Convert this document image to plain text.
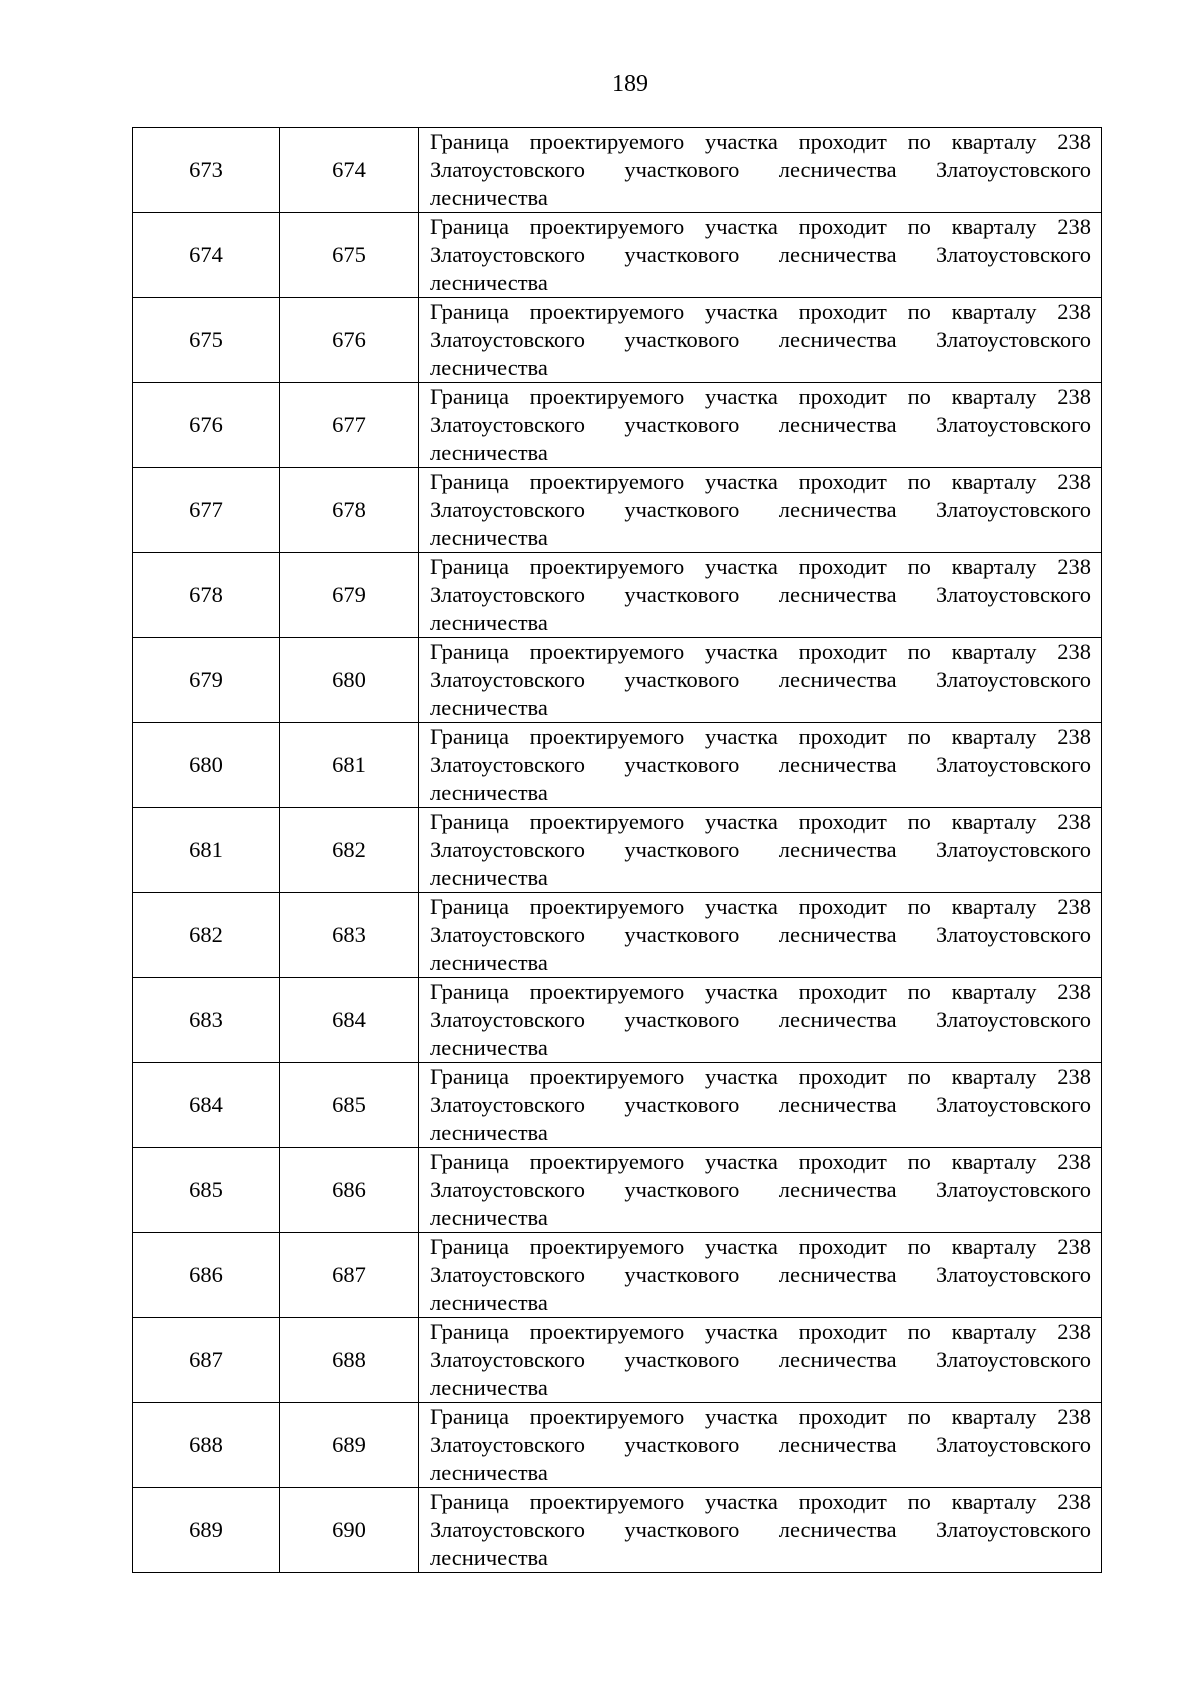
189
673	674	Граница проектируемого участка проходит по кварталу 238 Златоустовского участкового лесничества Златоустовского лесничества
674	675	Граница проектируемого участка проходит по кварталу 238 Златоустовского участкового лесничества Златоустовского лесничества
675	676	Граница проектируемого участка проходит по кварталу 238 Златоустовского участкового лесничества Златоустовского лесничества
676	677	Граница проектируемого участка проходит по кварталу 238 Златоустовского участкового лесничества Златоустовского лесничества
677	678	Граница проектируемого участка проходит по кварталу 238 Златоустовского участкового лесничества Златоустовского лесничества
678	679	Граница проектируемого участка проходит по кварталу 238 Златоустовского участкового лесничества Златоустовского лесничества
679	680	Граница проектируемого участка проходит по кварталу 238 Златоустовского участкового лесничества Златоустовского лесничества
680	681	Граница проектируемого участка проходит по кварталу 238 Златоустовского участкового лесничества Златоустовского лесничества
681	682	Граница проектируемого участка проходит по кварталу 238 Златоустовского участкового лесничества Златоустовского лесничества
682	683	Граница проектируемого участка проходит по кварталу 238 Златоустовского участкового лесничества Златоустовского лесничества
683	684	Граница проектируемого участка проходит по кварталу 238 Златоустовского участкового лесничества Златоустовского лесничества
684	685	Граница проектируемого участка проходит по кварталу 238 Златоустовского участкового лесничества Златоустовского лесничества
685	686	Граница проектируемого участка проходит по кварталу 238 Златоустовского участкового лесничества Златоустовского лесничества
686	687	Граница проектируемого участка проходит по кварталу 238 Златоустовского участкового лесничества Златоустовского лесничества
687	688	Граница проектируемого участка проходит по кварталу 238 Златоустовского участкового лесничества Златоустовского лесничества
688	689	Граница проектируемого участка проходит по кварталу 238 Златоустовского участкового лесничества Златоустовского лесничества
689	690	Граница проектируемого участка проходит по кварталу 238 Златоустовского участкового лесничества Златоустовского лесничества
